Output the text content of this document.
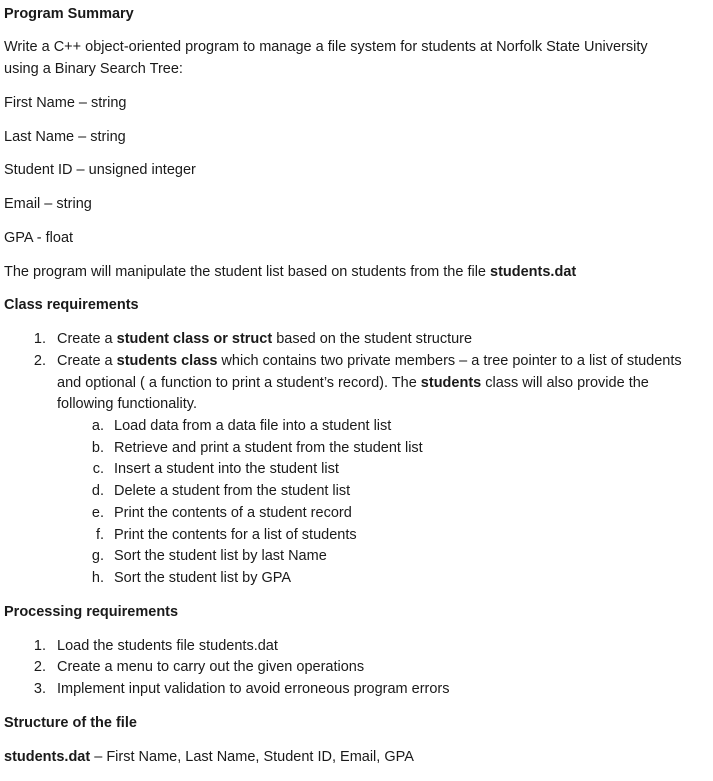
Program Summary
Write a C++ object-oriented program to manage a file system for students at Norfolk State University
using a Binary Search Tree:
First Name – string
Last Name – string
Student ID – unsigned integer
Email – string
GPA - float
The program will manipulate the student list based on students from the file students.dat
Class requirements
1. Create a student class or struct based on the student structure
2. Create a students class which contains two private members – a tree pointer to a list of students
and optional ( a function to print a student’s record). The students class will also provide the
following functionality.
a. Load data from a data file into a student list
b. Retrieve and print a student from the student list
c. Insert a student into the student list
d. Delete a student from the student list
e. Print the contents of a student record
f. Print the contents for a list of students
g. Sort the student list by last Name
h. Sort the student list by GPA
Processing requirements
1. Load the students file students.dat
2. Create a menu to carry out the given operations
3. Implement input validation to avoid erroneous program errors
Structure of the file
students.dat – First Name, Last Name, Student ID, Email, GPA
